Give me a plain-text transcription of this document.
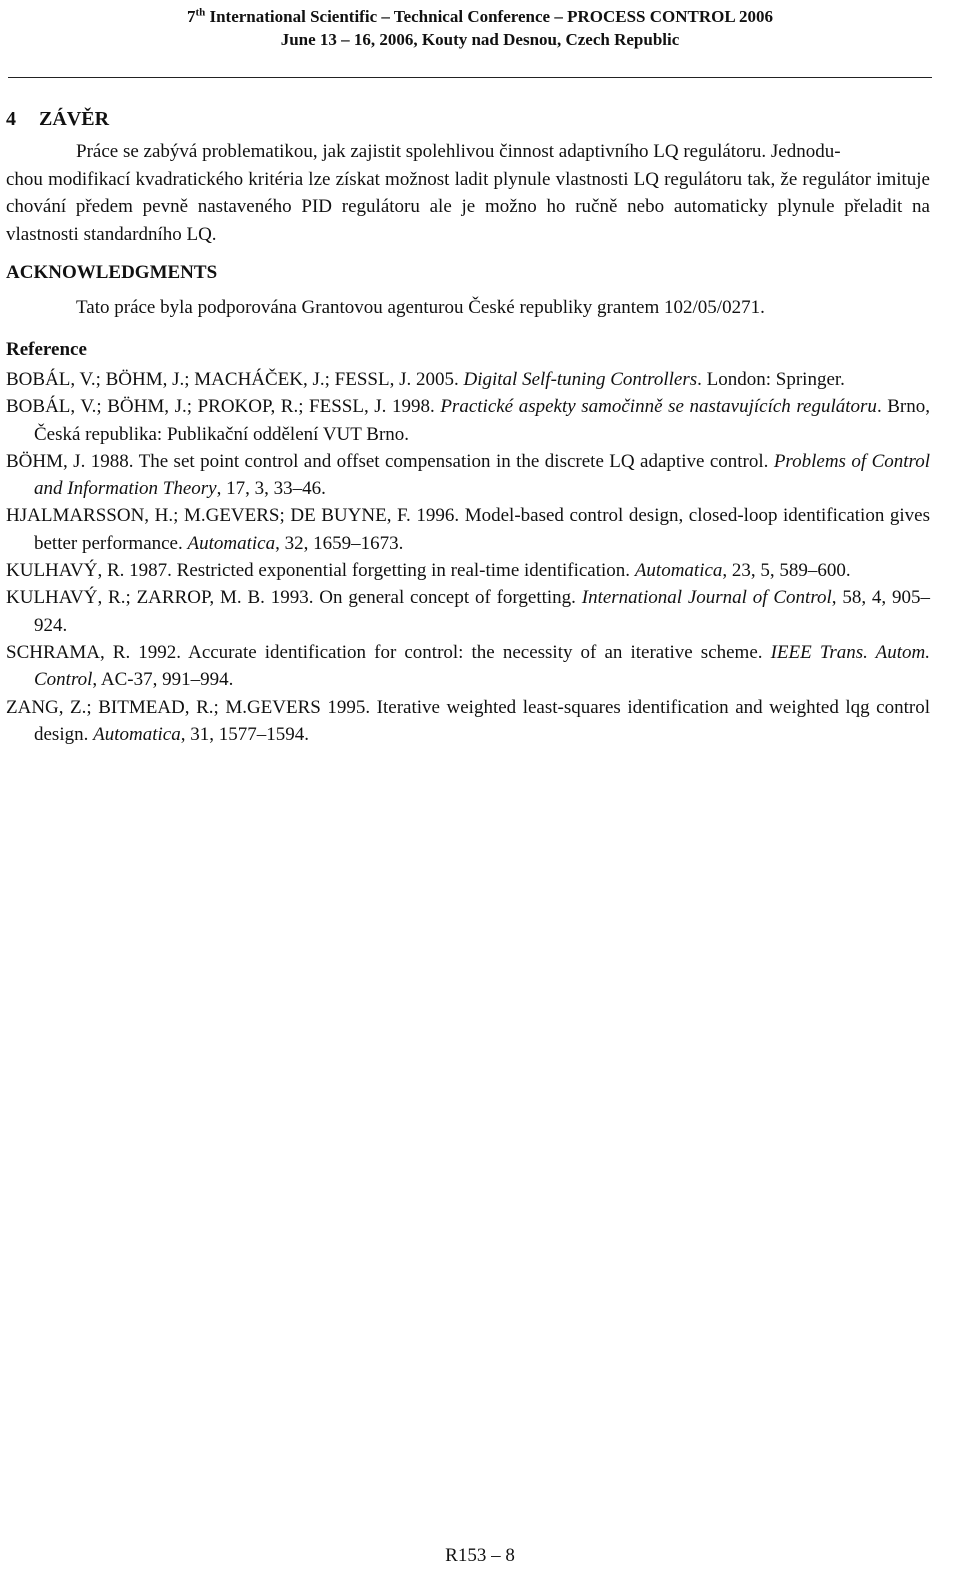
7th International Scientific – Technical Conference – PROCESS CONTROL 2006
June 13 – 16, 2006, Kouty nad Desnou, Czech Republic
4 ZÁVĚR

Práce se zabývá problematikou, jak zajistit spolehlivou činnost adaptivního LQ regulátoru. Jednodu-
chou modifikací kvadratického kritéria lze získat možnost ladit plynule vlastnosti LQ regulátoru tak, že regulátor imituje chování předem pevně nastaveného PID regulátoru ale je možno ho ručně nebo automaticky plynule přeladit na vlastnosti standardního LQ.

ACKNOWLEDGMENTS

Tato práce byla podporována Grantovou agenturou České republiky grantem 102/05/0271.

Reference
BOBÁL, V.; BÖHM, J.; MACHÁČEK, J.; FESSL, J. 2005. Digital Self-tuning Controllers. London: Springer.
BOBÁL, V.; BÖHM, J.; PROKOP, R.; FESSL, J. 1998. Practické aspekty samočinně se nastavujících regulátoru. Brno, Česká republika: Publikační oddělení VUT Brno.
BÖHM, J. 1988. The set point control and offset compensation in the discrete LQ adaptive control. Problems of Control and Information Theory, 17, 3, 33–46.
HJALMARSSON, H.; M.GEVERS; DE BUYNE, F. 1996. Model-based control design, closed-loop identification gives better performance. Automatica, 32, 1659–1673.
KULHAVÝ, R. 1987. Restricted exponential forgetting in real-time identification. Automatica, 23, 5, 589–600.
KULHAVÝ, R.; ZARROP, M. B. 1993. On general concept of forgetting. International Journal of Control, 58, 4, 905–924.
SCHRAMA, R. 1992. Accurate identification for control: the necessity of an iterative scheme. IEEE Trans. Autom. Control, AC-37, 991–994.
ZANG, Z.; BITMEAD, R.; M.GEVERS 1995. Iterative weighted least-squares identification and weighted lqg control design. Automatica, 31, 1577–1594.
R153 – 8
